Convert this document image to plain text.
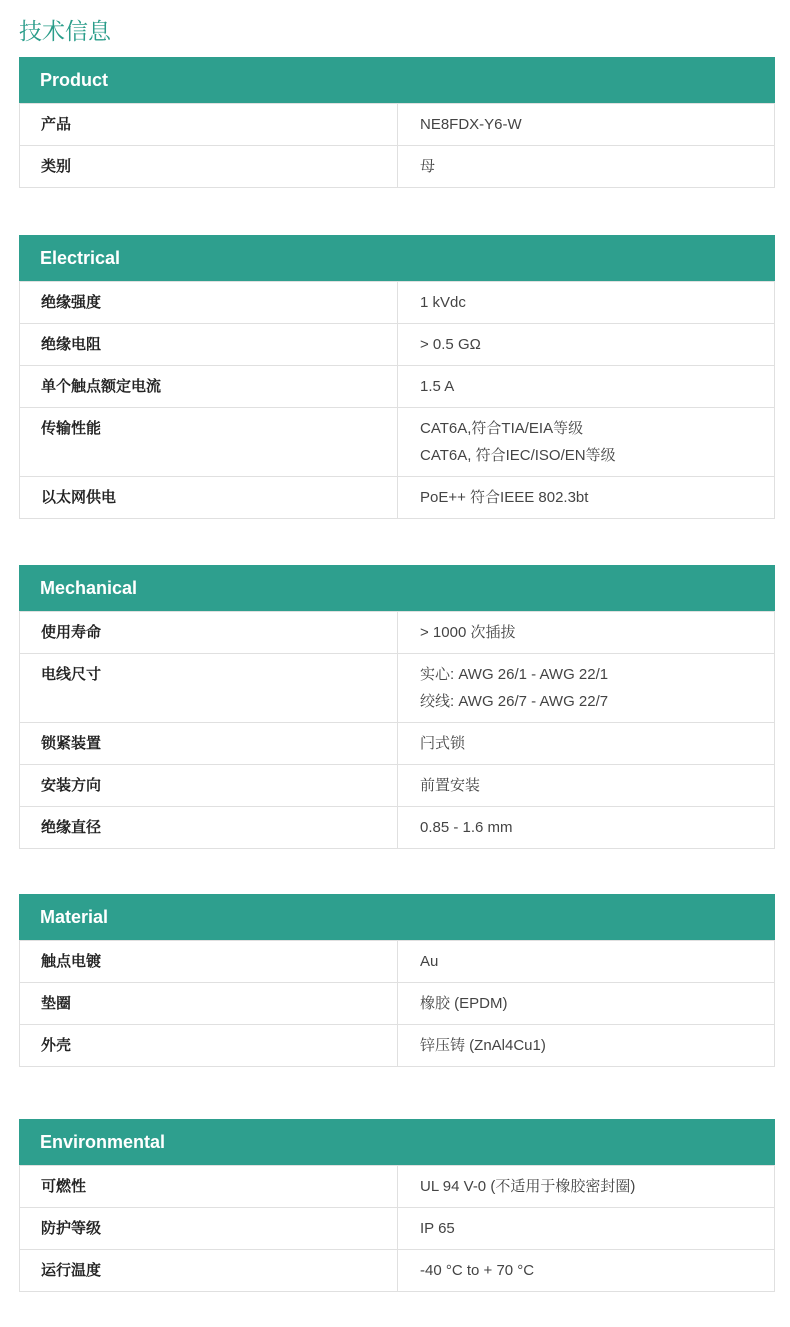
技术信息
Product
产品	NE8FDX-Y6-W
类别	母
Electrical
绝缘强度	1 kVdc
绝缘电阻	> 0.5 GΩ
单个触点额定电流	1.5 A
传输性能	CAT6A,符合TIA/EIA等级
CAT6A, 符合IEC/ISO/EN等级
以太网供电	PoE++ 符合IEEE 802.3bt
Mechanical
使用寿命	> 1000 次插拔
电线尺寸	实心: AWG 26/1 - AWG 22/1
绞线: AWG 26/7 - AWG 22/7
锁紧装置	闩式锁
安装方向	前置安装
绝缘直径	0.85 - 1.6 mm
Material
触点电镀	Au
垫圈	橡胶 (EPDM)
外壳	锌压铸 (ZnAl4Cu1)
Environmental
可燃性	UL 94 V-0 (不适用于橡胶密封圈)
防护等级	IP 65
运行温度	-40 °C to + 70 °C
